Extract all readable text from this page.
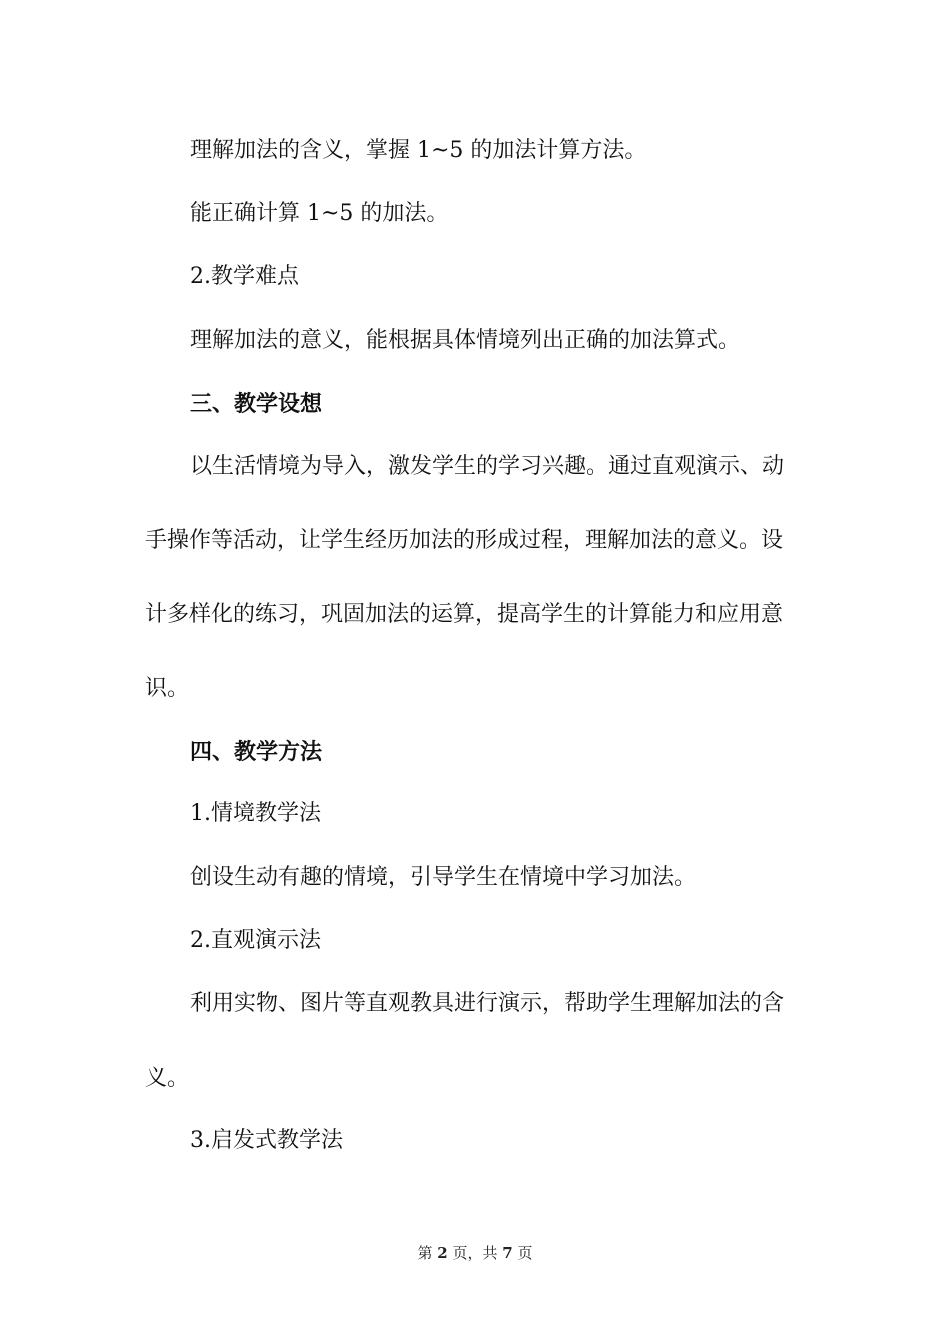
理解加法的含义，掌握 1~5 的加法计算方法。
能正确计算 1~5 的加法。
2.教学难点
理解加法的意义，能根据具体情境列出正确的加法算式。
三、教学设想
以生活情境为导入，激发学生的学习兴趣。通过直观演示、动
手操作等活动，让学生经历加法的形成过程，理解加法的意义。设
计多样化的练习，巩固加法的运算，提高学生的计算能力和应用意
识。
四、教学方法
1.情境教学法
创设生动有趣的情境，引导学生在情境中学习加法。
2.直观演示法
利用实物、图片等直观教具进行演示，帮助学生理解加法的含
义。
3.启发式教学法
第 2 页，共 7 页
